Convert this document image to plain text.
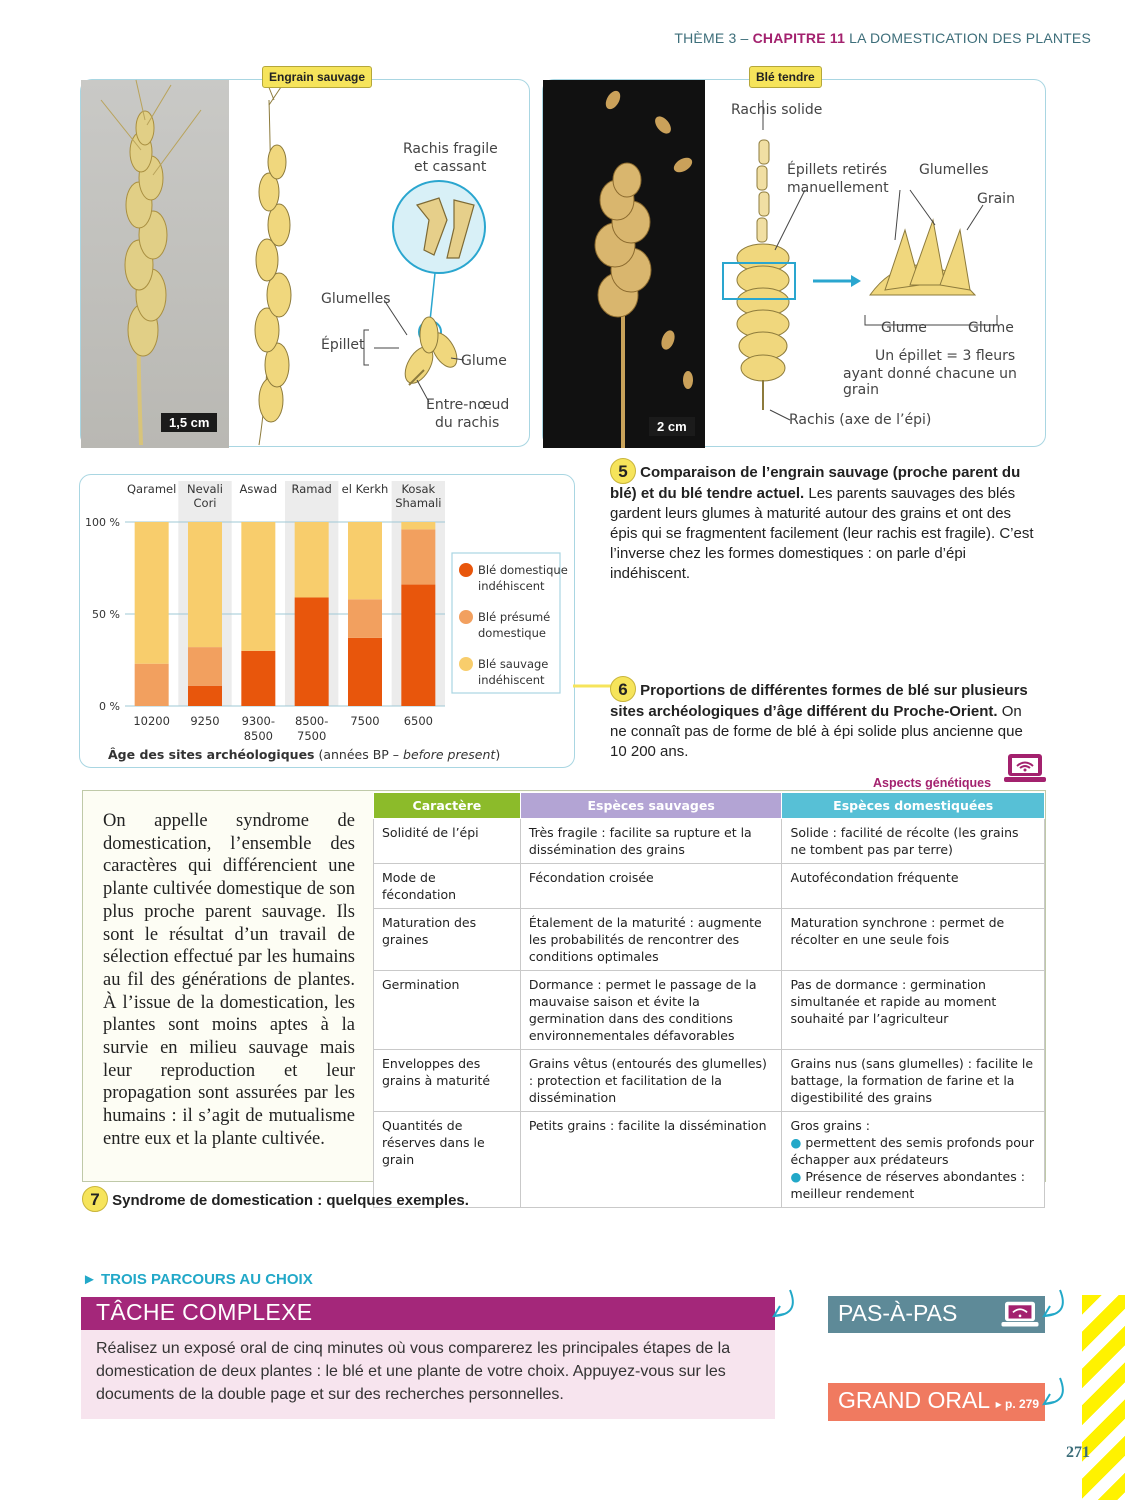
THÈME 3 – CHAPITRE 11 LA DOMESTICATION DES PLANTES
1,5 cm
Engrain sauvage
Rachis fragile
et cassant
Glumelles
Épillet
Glume
Entre-nœud
du rachis	2 cm
Blé tendre
Rachis solide
Épillets retirés
manuellement
Glumelles
Grain
Glume	Glume
Un épillet = 3 fleurs
ayant donné chacune un grain
Rachis (axe de l’épi)
5 Comparaison de l’engrain sauvage (proche parent du blé) et du blé tendre actuel. Les parents sauvages des blés gardent leurs glumes à maturité autour des grains et ont des épis qui se fragmentent facilement (leur rachis est fragile). C’est l’inverse chez les formes domestiques : on parle d’épi indéhiscent.
100 %
50 %
0 %
Qaramel
10200
Nevali
Cori
9250
Aswad
9300-
8500
Ramad
8500-
7500
el Kerkh
7500
Kosak
Shamali
6500
Âge des sites archéologiques (années BP – before present)
Blé domestique
indéhiscent
Blé présumé
domestique
Blé sauvage
indéhiscent	6 Proportions de différentes formes de blé sur plusieurs sites archéologiques d’âge différent du Proche-Orient. On ne connaît pas de forme de blé à épi solide plus ancienne que 10 200 ans.
Aspects génétiques
On appelle syndrome de domestication, l’ensemble des caractères qui différencient une plante cultivée domestique de son plus proche parent sauvage. Ils sont le résultat d’un travail de sélection effectué par les humains au fil des générations de plantes. À l’issue de la domestication, les plantes sont moins aptes à la survie en milieu sauvage mais leur reproduction et leur propagation sont assurées par les humains : il s’agit de mutualisme entre eux et la plante cultivée.
Caractère	Espèces sauvages	Espèces domestiquées
Solidité de l’épi	Très fragile : facilite sa rupture et la dissémination des grains	Solide : facilité de récolte (les grains ne tombent pas par terre)
Mode de fécondation	Fécondation croisée	Autofécondation fréquente
Maturation des graines	Étalement de la maturité : augmente les probabilités de rencontrer des conditions optimales	Maturation synchrone : permet de récolter en une seule fois
Germination	Dormance : permet le passage de la mauvaise saison et évite la germination dans des conditions environnementales défavorables	Pas de dormance : germination simultanée et rapide au moment souhaité par l’agriculteur
Enveloppes des grains à maturité	Grains vêtus (entourés des glumelles) : protection et facilitation de la dissémination	Grains nus (sans glumelles) : facilite le battage, la formation de farine et la digestibilité des grains
Quantités de réserves dans le grain	Petits grains : facilite la dissémination	Gros grains :
● permettent des semis profonds pour échapper aux prédateurs
● Présence de réserves abondantes : meilleur rendement
7 Syndrome de domestication : quelques exemples.
► TROIS PARCOURS AU CHOIX
TÂCHE COMPLEXE
Réalisez un exposé oral de cinq minutes où vous comparerez les principales étapes de la domestication de deux plantes : le blé et une plante de votre choix. Appuyez-vous sur les documents de la double page et sur des recherches personnelles.
PAS-À-PAS
GRAND ORAL ▸ p. 279
271
